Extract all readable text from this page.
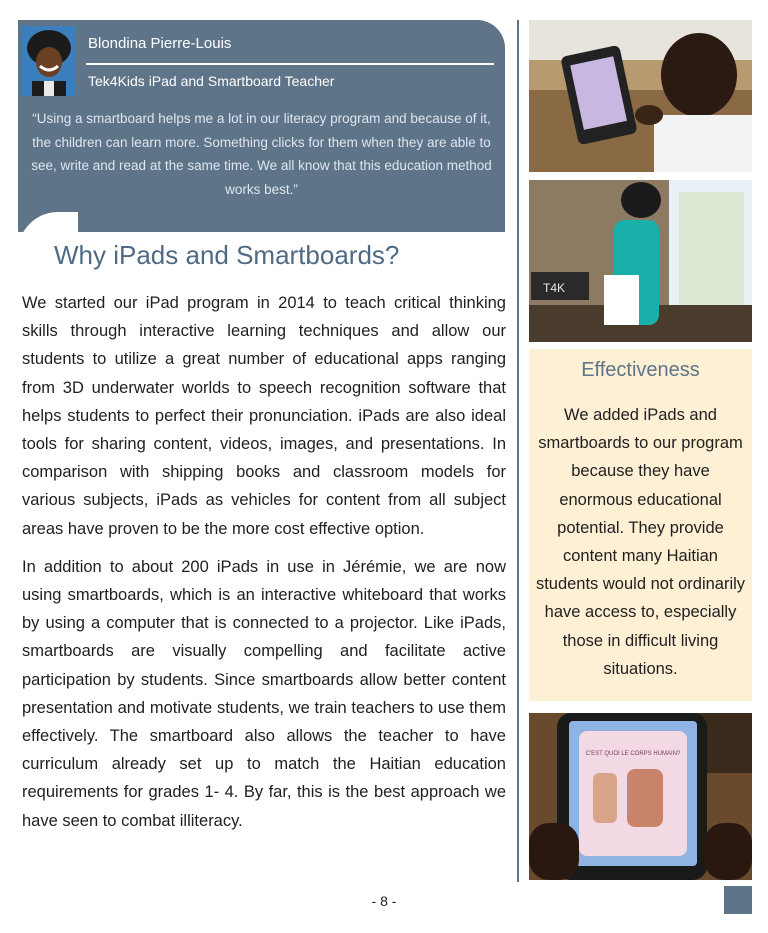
Blondina Pierre-Louis
Tek4Kids iPad and Smartboard Teacher
“Using a smartboard helps me a lot in our literacy program and because of it, the children can learn more. Something clicks for them when they are able to see, write and read at the same time. We all know that this education method works best.”
Why iPads and Smartboards?

We started our iPad program in 2014 to teach critical thinking skills through interactive learning techniques and allow our students to utilize a great number of educational apps ranging from 3D underwater worlds to speech recognition software that helps students to perfect their pronunciation. iPads are also ideal tools for sharing content, videos, images, and presentations. In comparison with shipping books and classroom models for various subjects, iPads as vehicles for content from all subject areas have proven to be the more cost effective option.

In addition to about 200 iPads in use in Jérémie, we are now using smartboards, which is an interactive whiteboard that works by using a computer that is connected to a projector. Like iPads, smartboards are visually compelling and facilitate active participation by students. Since smartboards allow better content presentation and motivate students, we train teachers to use them effectively. The smartboard also allows the teacher to have curriculum already set up to match the Haitian education requirements for grades 1- 4. By far, this is the best approach we have seen to combat illiteracy.

T4K
Effectiveness
We added iPads and smartboards to our program because they have enormous educational potential. They provide content many Haitian students would not ordinarily have access to, especially those in difficult living situations.
C'EST QUOI LE CORPS HUMAIN?
- 8 -
